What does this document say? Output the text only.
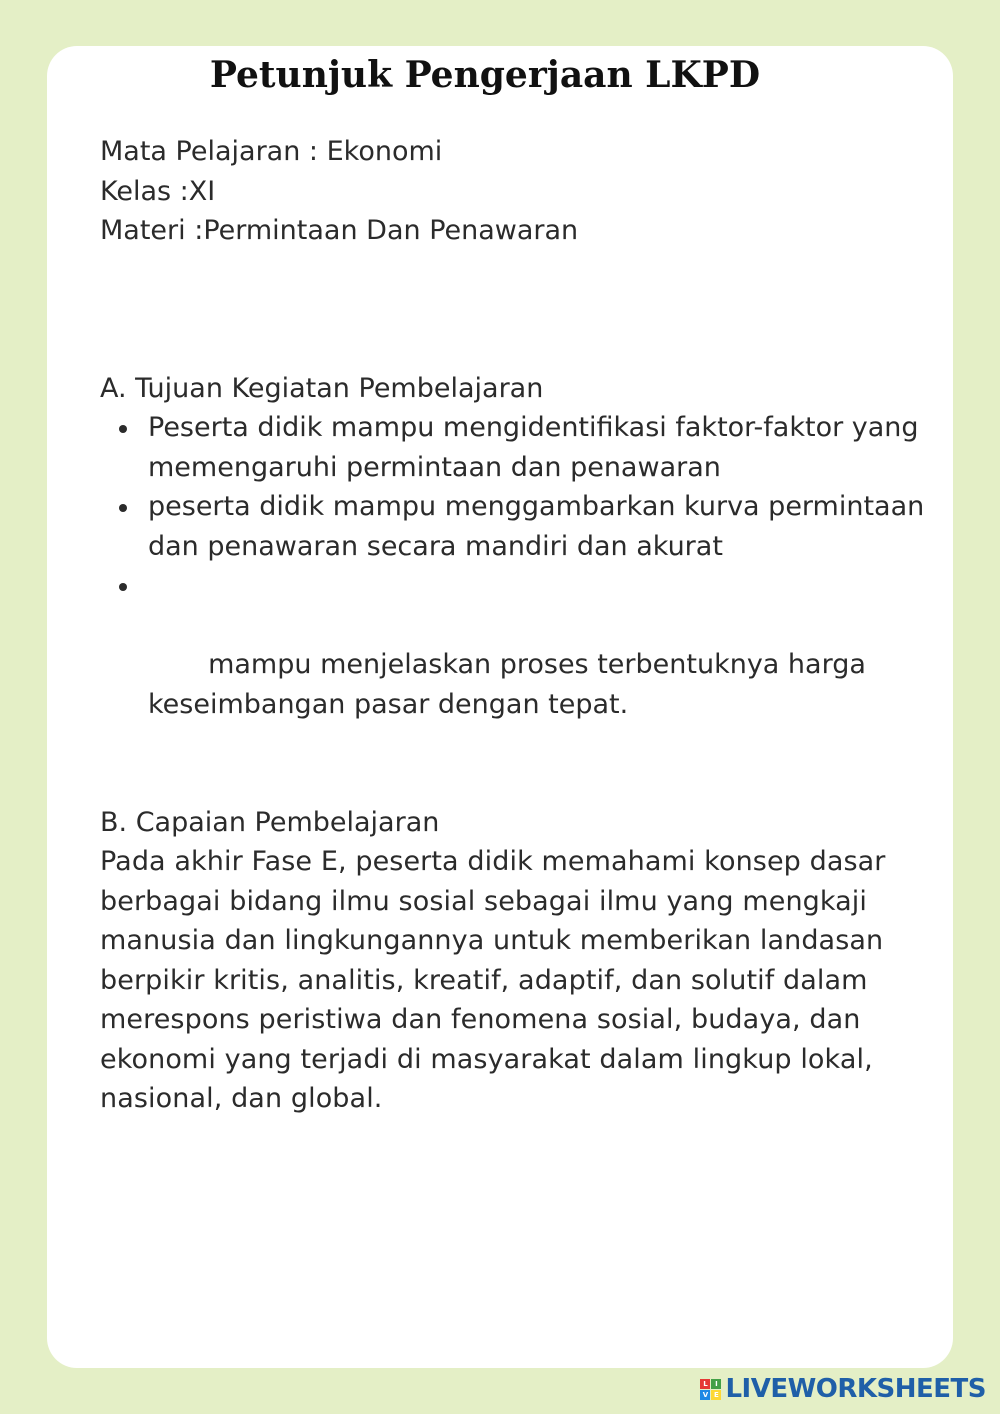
Petunjuk Pengerjaan LKPD

Mata Pelajaran : Ekonomi

Kelas :XI

Materi :Permintaan Dan Penawaran

A. Tujuan Kegiatan Pembelajaran

Peserta didik mampu mengidentifikasi faktor-faktor yang memengaruhi permintaan dan penawaran
peserta didik mampu menggambarkan kurva permintaan dan penawaran secara mandiri dan akurat

mampu menjelaskan proses terbentuknya harga keseimbangan pasar dengan tepat.

B. Capaian Pembelajaran

Pada akhir Fase E, peserta didik memahami konsep dasar berbagai bidang ilmu sosial sebagai ilmu yang mengkaji manusia dan lingkungannya untuk memberikan landasan berpikir kritis, analitis, kreatif, adaptif, dan solutif dalam merespons peristiwa dan fenomena sosial, budaya, dan ekonomi yang terjadi di masyarakat dalam lingkup lokal, nasional, dan global.

L	I
V E LIVEWORKSHEETS
